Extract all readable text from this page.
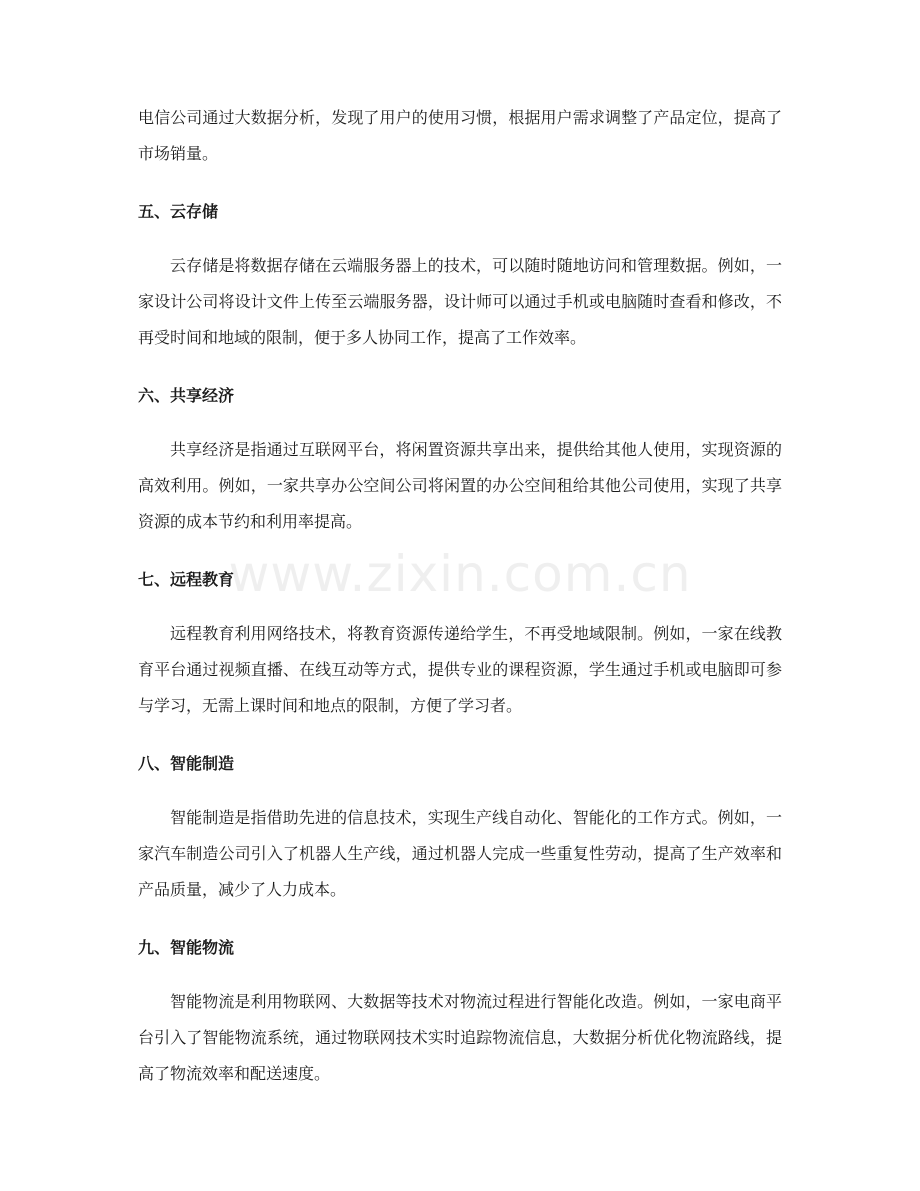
www.zixin.com.cn

电信公司通过大数据分析，发现了用户的使用习惯，根据用户需求调整了产品定位，提高了市场销量。

五、云存储

云存储是将数据存储在云端服务器上的技术，可以随时随地访问和管理数据。例如，一家设计公司将设计文件上传至云端服务器，设计师可以通过手机或电脑随时查看和修改，不再受时间和地域的限制，便于多人协同工作，提高了工作效率。

六、共享经济

共享经济是指通过互联网平台，将闲置资源共享出来，提供给其他人使用，实现资源的高效利用。例如，一家共享办公空间公司将闲置的办公空间租给其他公司使用，实现了共享资源的成本节约和利用率提高。

七、远程教育

远程教育利用网络技术，将教育资源传递给学生，不再受地域限制。例如，一家在线教育平台通过视频直播、在线互动等方式，提供专业的课程资源，学生通过手机或电脑即可参与学习，无需上课时间和地点的限制，方便了学习者。

八、智能制造

智能制造是指借助先进的信息技术，实现生产线自动化、智能化的工作方式。例如，一家汽车制造公司引入了机器人生产线，通过机器人完成一些重复性劳动，提高了生产效率和产品质量，减少了人力成本。

九、智能物流

智能物流是利用物联网、大数据等技术对物流过程进行智能化改造。例如，一家电商平台引入了智能物流系统，通过物联网技术实时追踪物流信息，大数据分析优化物流路线，提高了物流效率和配送速度。
